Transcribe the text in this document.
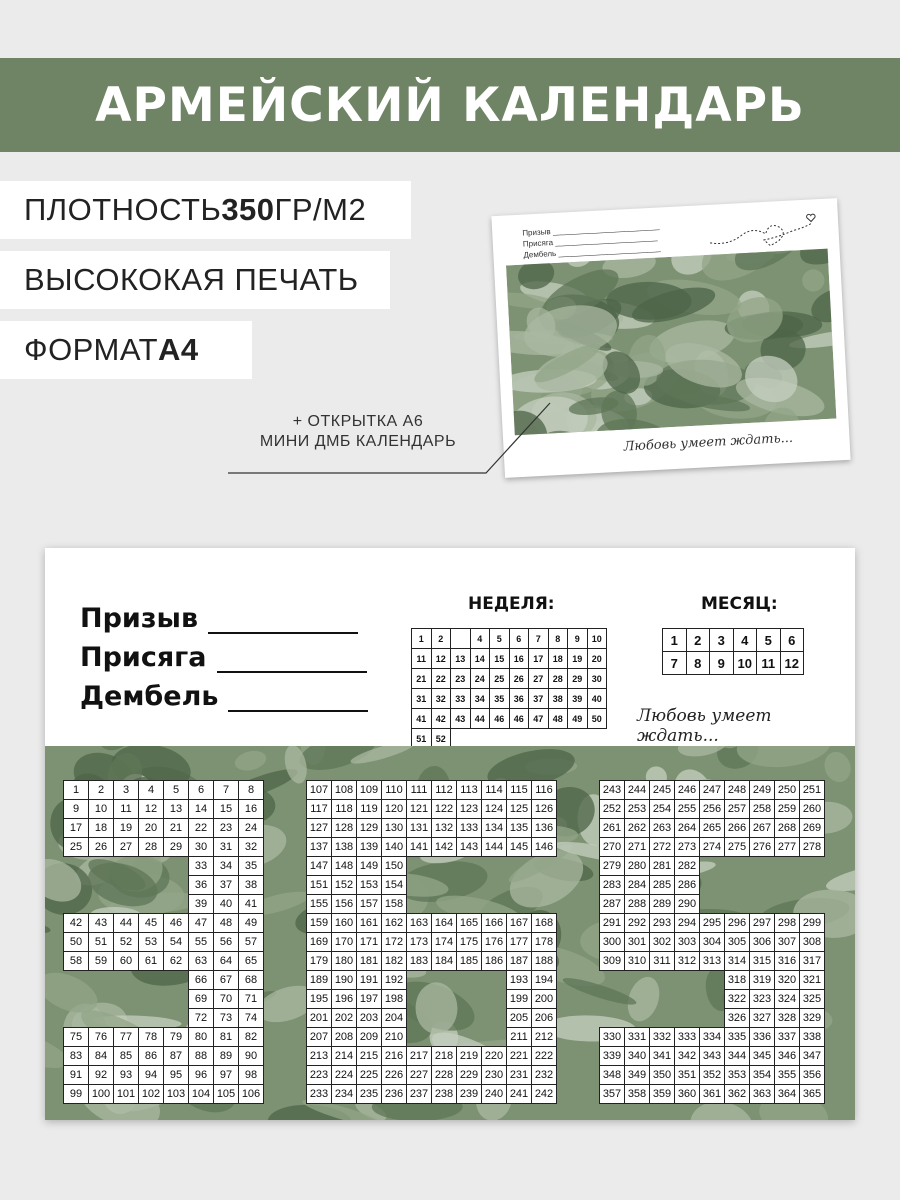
АРМЕЙСКИЙ КАЛЕНДАРЬ
ПЛОТНОСТЬ 350 ГР/М2
ВЫСОКОКАЯ ПЕЧАТЬ
ФОРМАТ А4
Призыв ________________________
Присяга _______________________
Дембель _______________________
Любовь умеет ждать...
+ ОТКРЫТКА А6
МИНИ ДМБ КАЛЕНДАРЬ
Призыв
Присяга
Дембель
НЕДЕЛЯ:
1	2		4	5	6	7	8	9	10
11	12	13	14	15	16	17	18	19	20
21	22	23	24	25	26	27	28	29	30
31	32	33	34	35	36	37	38	39	40
41	42	43	44	46	46	47	48	49	50
51	52								
МЕСЯЦ:
1	2	3	4	5	6
7	8	9	10	11	12
Любовь умеет ждать...
1	2	3	4	5	6	7	8
9	10	11	12	13	14	15	16
17	18	19	20	21	22	23	24
25	26	27	28	29	30	31	32
					33	34	35
					36	37	38
					39	40	41
42	43	44	45	46	47	48	49
50	51	52	53	54	55	56	57
58	59	60	61	62	63	64	65
					66	67	68
					69	70	71
					72	73	74
75	76	77	78	79	80	81	82
83	84	85	86	87	88	89	90
91	92	93	94	95	96	97	98
99	100	101	102	103	104	105	106
107	108	109	110	111	112	113	114	115	116
117	118	119	120	121	122	123	124	125	126
127	128	129	130	131	132	133	134	135	136
137	138	139	140	141	142	143	144	145	146
147	148	149	150						
151	152	153	154						
155	156	157	158						
159	160	161	162	163	164	165	166	167	168
169	170	171	172	173	174	175	176	177	178
179	180	181	182	183	184	185	186	187	188
189	190	191	192					193	194
195	196	197	198					199	200
201	202	203	204					205	206
207	208	209	210					211	212
213	214	215	216	217	218	219	220	221	222
223	224	225	226	227	228	229	230	231	232
233	234	235	236	237	238	239	240	241	242
243	244	245	246	247	248	249	250	251
252	253	254	255	256	257	258	259	260
261	262	263	264	265	266	267	268	269
270	271	272	273	274	275	276	277	278
279	280	281	282					
283	284	285	286					
287	288	289	290					
291	292	293	294	295	296	297	298	299
300	301	302	303	304	305	306	307	308
309	310	311	312	313	314	315	316	317
					318	319	320	321
					322	323	324	325
					326	327	328	329
330	331	332	333	334	335	336	337	338
339	340	341	342	343	344	345	346	347
348	349	350	351	352	353	354	355	356
357	358	359	360	361	362	363	364	365
